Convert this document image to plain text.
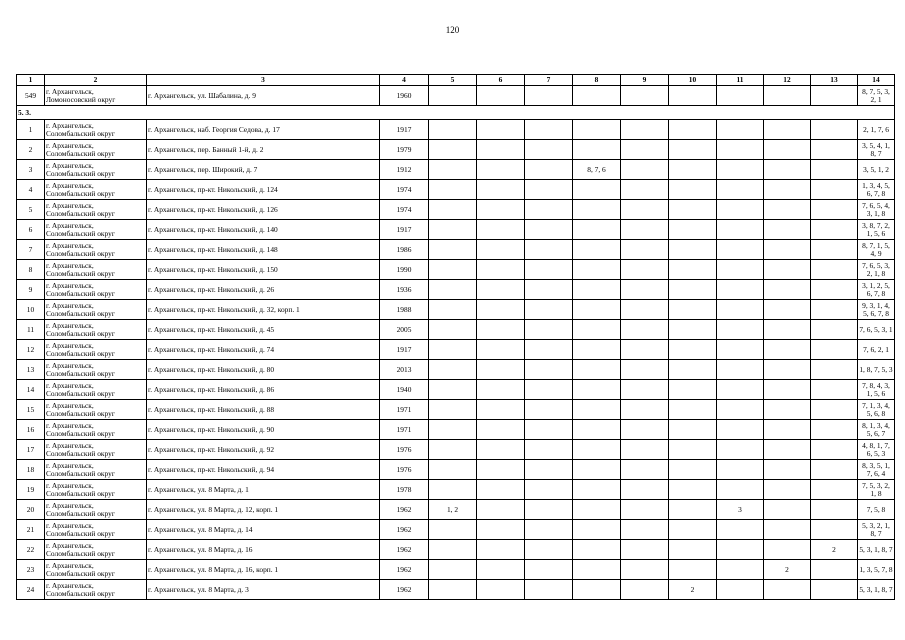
120
1	2	3	4	5	6	7	8	9	10	11	12	13	14
549	г. Архангельск,
Ломоносовский округ	г. Архангельск, ул. Шабалина, д. 9	1960										8, 7, 5, 3, 2, 1
5. 3.													
1	г. Архангельск,
Соломбальский округ	г. Архангельск, наб. Георгия Седова, д. 17	1917										2, 1, 7, 6
2	г. Архангельск,
Соломбальский округ	г. Архангельск, пер. Банный 1-й, д. 2	1979										3, 5, 4, 1, 8, 7
3	г. Архангельск,
Соломбальский округ	г. Архангельск, пер. Широкий, д. 7	1912				8, 7, 6						3, 5, 1, 2
4	г. Архангельск,
Соломбальский округ	г. Архангельск, пр-кт. Никольский, д. 124	1974										1, 3, 4, 5, 6, 7, 8
5	г. Архангельск,
Соломбальский округ	г. Архангельск, пр-кт. Никольский, д. 126	1974										7, 6, 5, 4, 3, 1, 8
6	г. Архангельск,
Соломбальский округ	г. Архангельск, пр-кт. Никольский, д. 140	1917										3, 8, 7, 2, 1, 5, 6
7	г. Архангельск,
Соломбальский округ	г. Архангельск, пр-кт. Никольский, д. 148	1986										8, 7, 1, 5, 4, 9
8	г. Архангельск,
Соломбальский округ	г. Архангельск, пр-кт. Никольский, д. 150	1990										7, 6, 5, 3, 2, 1, 8
9	г. Архангельск,
Соломбальский округ	г. Архангельск, пр-кт. Никольский, д. 26	1936										3, 1, 2, 5, 6, 7, 8
10	г. Архангельск,
Соломбальский округ	г. Архангельск, пр-кт. Никольский, д. 32, корп. 1	1988										9, 3, 1, 4, 5, 6, 7, 8
11	г. Архангельск,
Соломбальский округ	г. Архангельск, пр-кт. Никольский, д. 45	2005										7, 6, 5, 3, 1
12	г. Архангельск,
Соломбальский округ	г. Архангельск, пр-кт. Никольский, д. 74	1917										7, 6, 2, 1
13	г. Архангельск,
Соломбальский округ	г. Архангельск, пр-кт. Никольский, д. 80	2013										1, 8, 7, 5, 3
14	г. Архангельск,
Соломбальский округ	г. Архангельск, пр-кт. Никольский, д. 86	1940										7, 8, 4, 3, 1, 5, 6
15	г. Архангельск,
Соломбальский округ	г. Архангельск, пр-кт. Никольский, д. 88	1971										7, 1, 3, 4, 5, 6, 8
16	г. Архангельск,
Соломбальский округ	г. Архангельск, пр-кт. Никольский, д. 90	1971										8, 1, 3, 4, 5, 6, 7
17	г. Архангельск,
Соломбальский округ	г. Архангельск, пр-кт. Никольский, д. 92	1976										4, 8, 1, 7, 6, 5, 3
18	г. Архангельск,
Соломбальский округ	г. Архангельск, пр-кт. Никольский, д. 94	1976										8, 3, 5, 1, 7, 6, 4
19	г. Архангельск,
Соломбальский округ	г. Архангельск, ул. 8 Марта, д. 1	1978										7, 5, 3, 2, 1, 8
20	г. Архангельск,
Соломбальский округ	г. Архангельск, ул. 8 Марта, д. 12, корп. 1	1962	1, 2						3			7, 5, 8
21	г. Архангельск,
Соломбальский округ	г. Архангельск, ул. 8 Марта, д. 14	1962										5, 3, 2, 1, 8, 7
22	г. Архангельск,
Соломбальский округ	г. Архангельск, ул. 8 Марта, д. 16	1962									2	5, 3, 1, 8, 7
23	г. Архангельск,
Соломбальский округ	г. Архангельск, ул. 8 Марта, д. 16, корп. 1	1962								2		1, 3, 5, 7, 8
24	г. Архангельск,
Соломбальский округ	г. Архангельск, ул. 8 Марта, д. 3	1962						2				5, 3, 1, 8, 7
